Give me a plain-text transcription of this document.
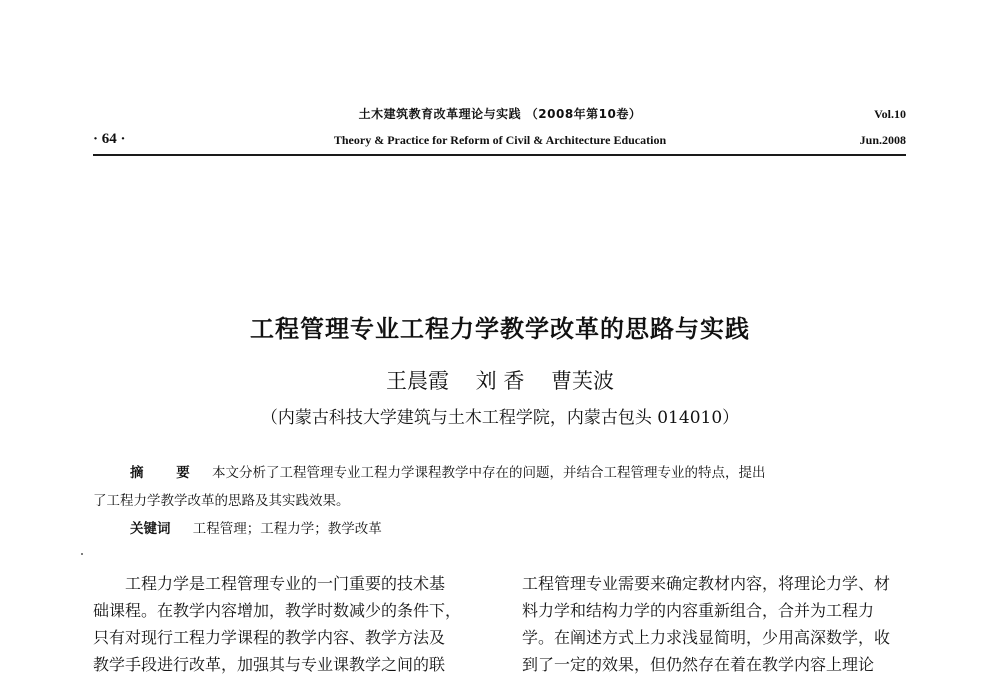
土木建筑教育改革理论与实践 （2008年第10卷）
Theory & Practice for Reform of Civil & Architecture Education
· 64 ·
Vol.10
Jun.2008
工程管理专业工程力学教学改革的思路与实践
王晨霞 刘 香 曹芙波
（内蒙古科技大学建筑与土木工程学院，内蒙古包头 014010）
摘 要 本文分析了工程管理专业工程力学课程教学中存在的问题，并结合工程管理专业的特点，提出
了工程力学教学改革的思路及其实践效果。
关键词 工程管理；工程力学；教学改革
工程力学是工程管理专业的一门重要的技术基
础课程。在教学内容增加，教学时数减少的条件下，
只有对现行工程力学课程的教学内容、教学方法及
教学手段进行改革，加强其与专业课教学之间的联
工程管理专业需要来确定教材内容，将理论力学、材
料力学和结构力学的内容重新组合，合并为工程力
学。在阐述方式上力求浅显简明，少用高深数学，收
到了一定的效果，但仍然存在着在教学内容上理论
